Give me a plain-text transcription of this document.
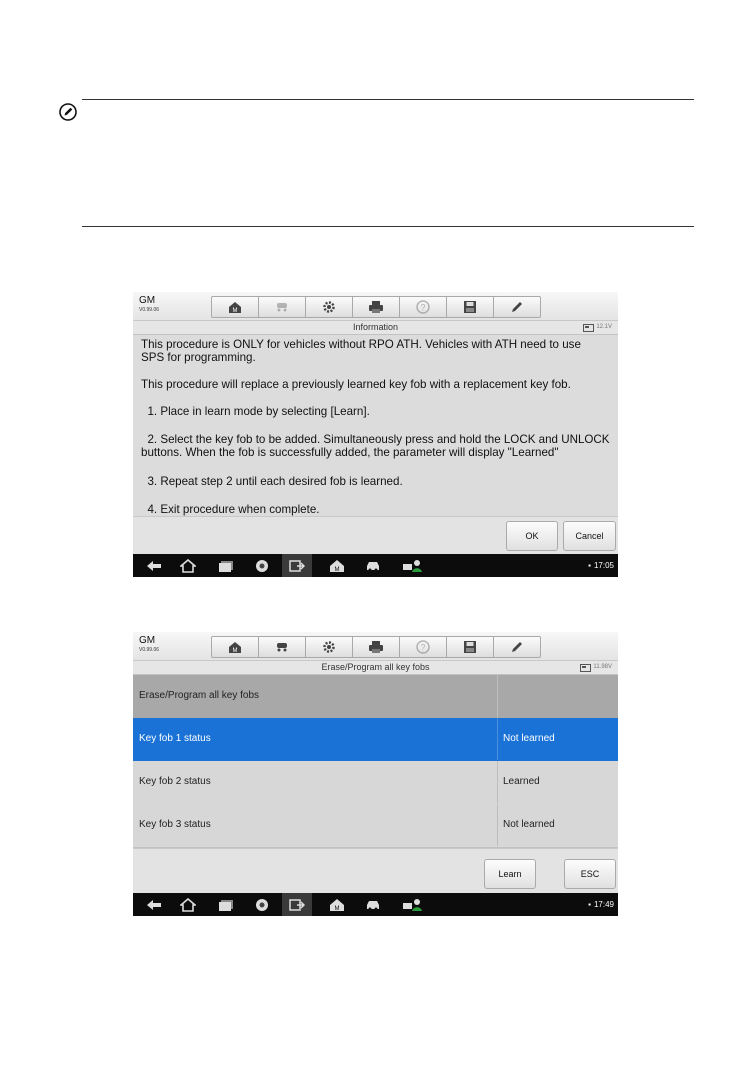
GM
V0.99.06	M	?
Information	12.1V

This procedure is ONLY for vehicles without RPO ATH. Vehicles with ATH need to use

SPS for programming.

This procedure will replace a previously learned key fob with a replacement key fob.

1. Place in learn mode by selecting [Learn].

2. Select the key fob to be added. Simultaneously press and hold the LOCK and UNLOCK

buttons. When the fob is successfully added, the parameter will display "Learned"

3. Repeat step 2 until each desired fob is learned.

4. Exit procedure when complete.

OK	Cancel
M	▪ 17:05
GM
V0.99.06	M	?
Erase/Program all key fobs	11.98V
Erase/Program all key fobs
Key fob 1 status	Not learned
Key fob 2 status	Learned
Key fob 3 status	Not learned
Learn	ESC
M	▪ 17:49
